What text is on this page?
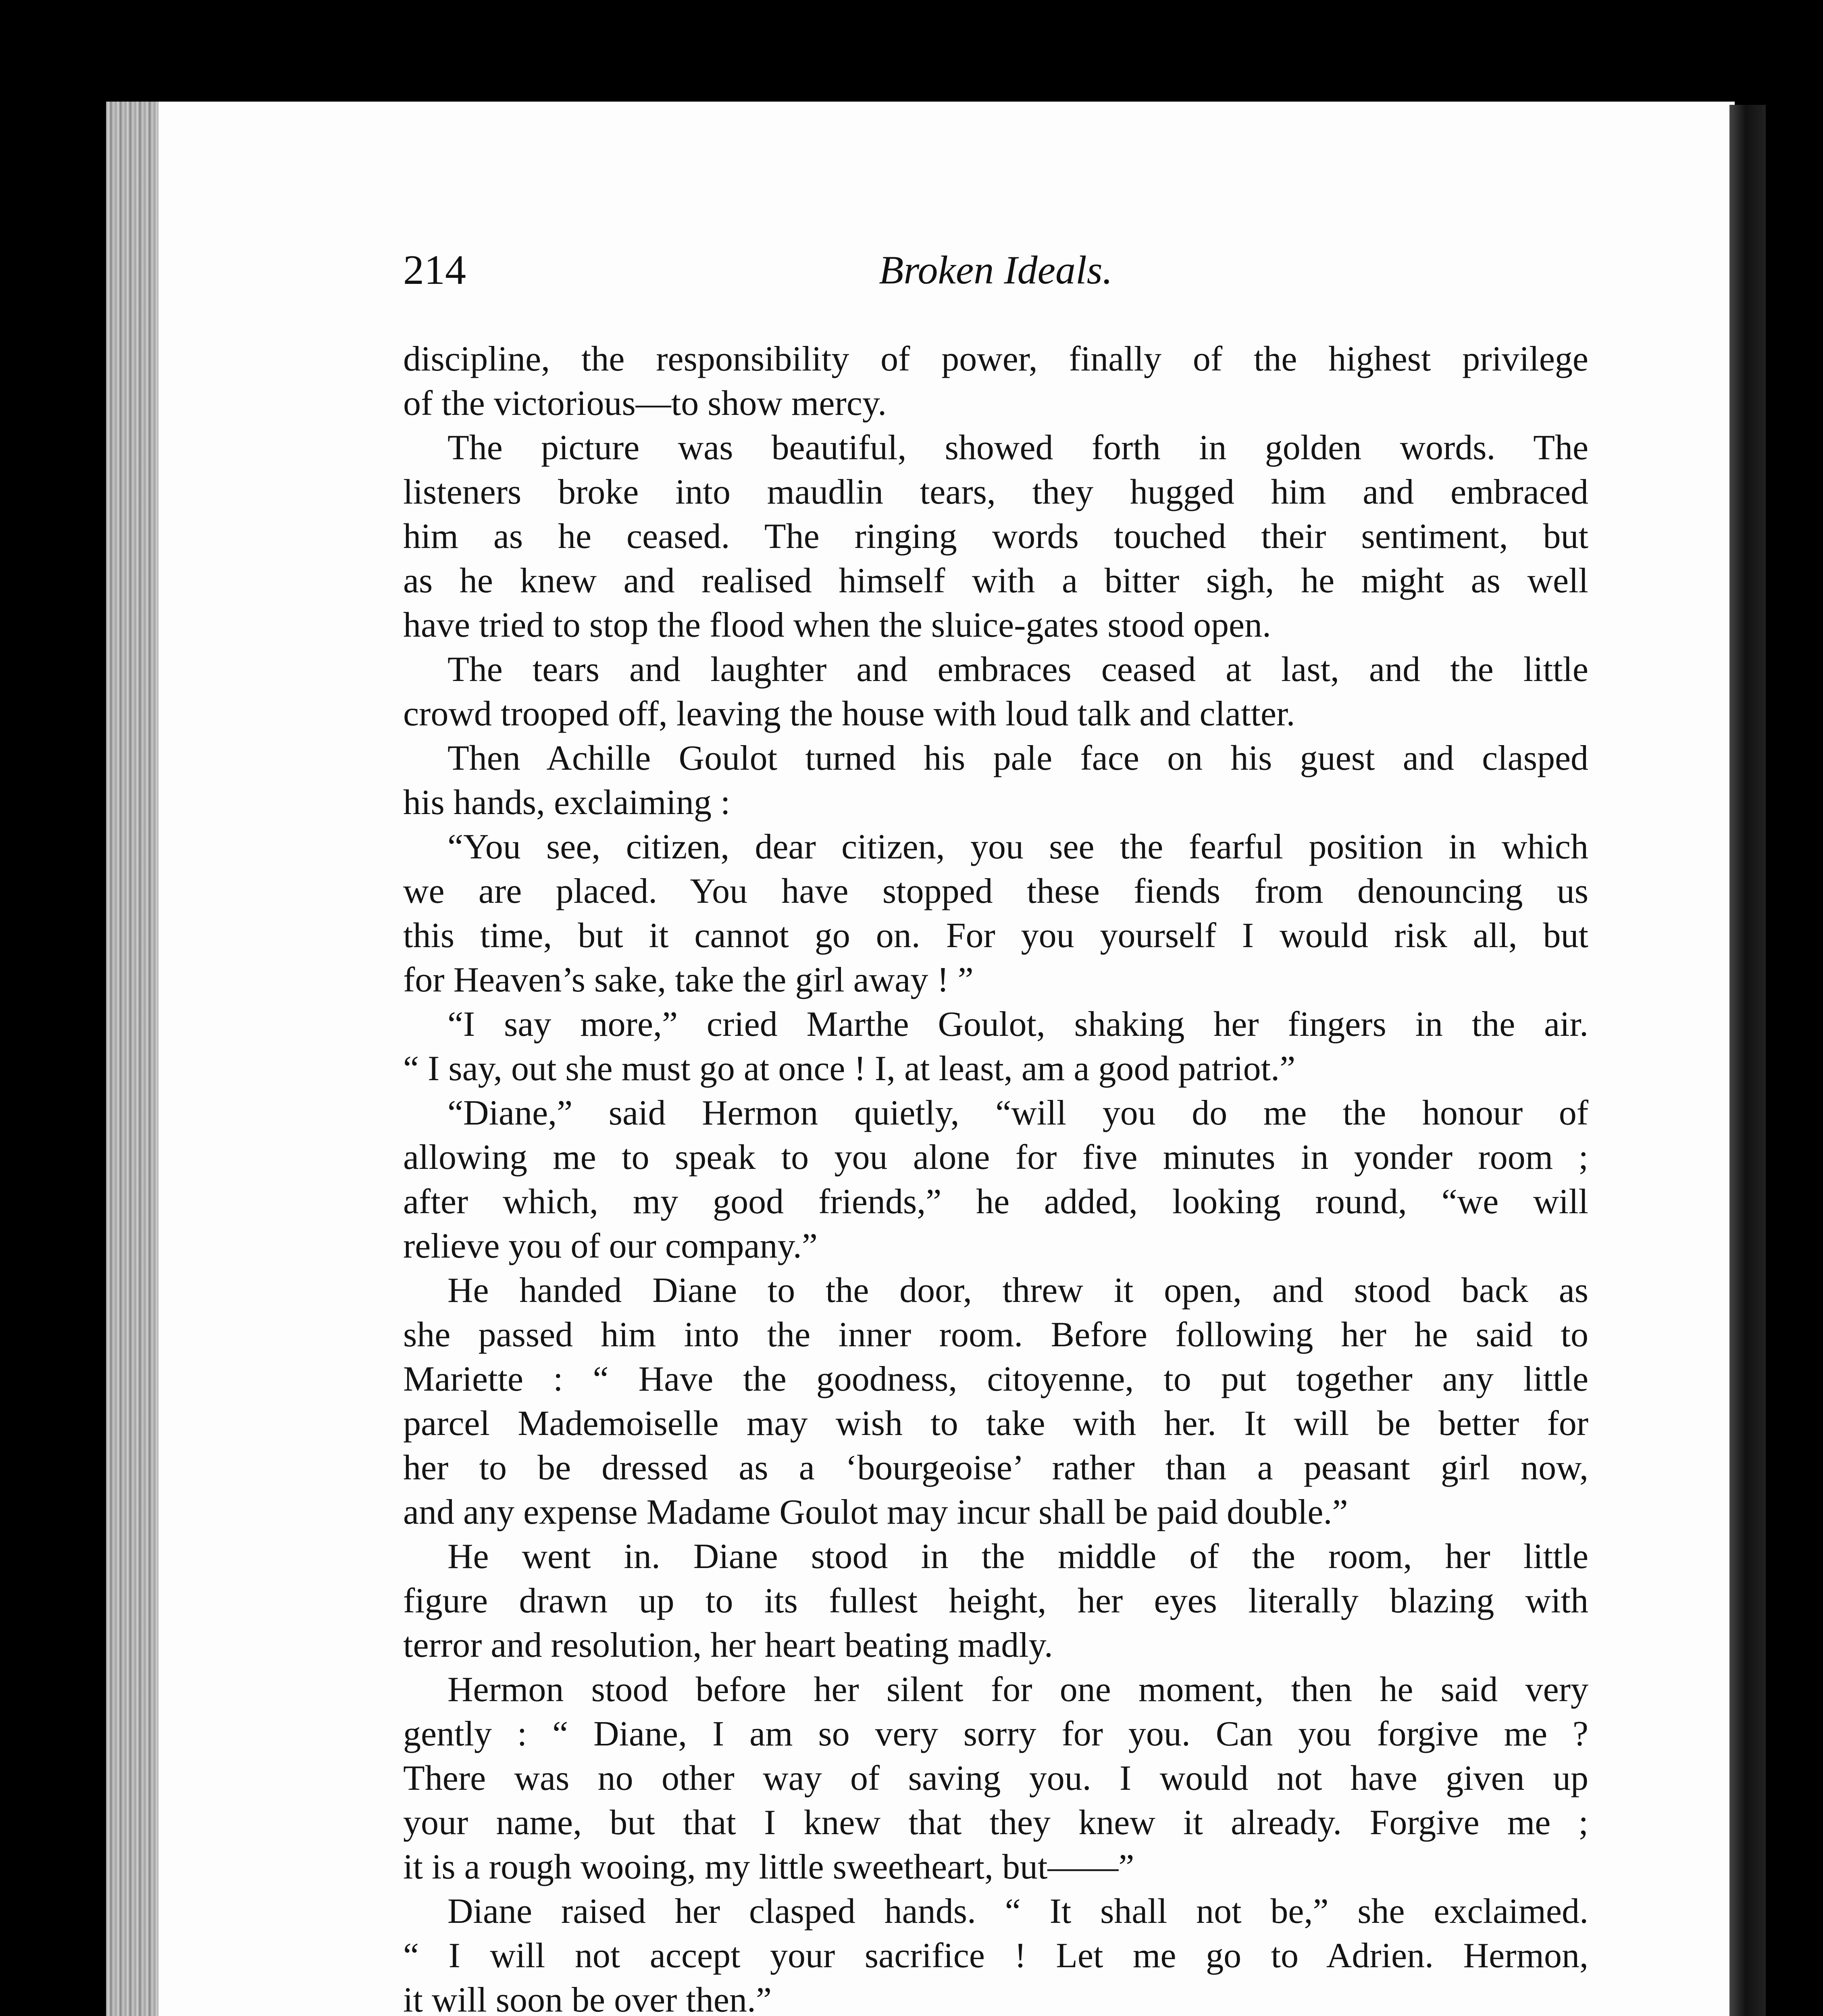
214	Broken Ideals.
discipline, the responsibility of power, finally of the highest privilege
of the victorious—to show mercy.
The picture was beautiful, showed forth in golden words. The
listeners broke into maudlin tears, they hugged him and embraced
him as he ceased. The ringing words touched their sentiment, but
as he knew and realised himself with a bitter sigh, he might as well
have tried to stop the flood when the sluice-gates stood open.
The tears and laughter and embraces ceased at last, and the little
crowd trooped off, leaving the house with loud talk and clatter.
Then Achille Goulot turned his pale face on his guest and clasped
his hands, exclaiming :
“You see, citizen, dear citizen, you see the fearful position in which
we are placed. You have stopped these fiends from denouncing us
this time, but it cannot go on. For you yourself I would risk all, but
for Heaven’s sake, take the girl away ! ”
“I say more,” cried Marthe Goulot, shaking her fingers in the air.
“ I say, out she must go at once ! I, at least, am a good patriot.”
“Diane,” said Hermon quietly, “will you do me the honour of
allowing me to speak to you alone for five minutes in yonder room ;
after which, my good friends,” he added, looking round, “we will
relieve you of our company.”
He handed Diane to the door, threw it open, and stood back as
she passed him into the inner room. Before following her he said to
Mariette : “ Have the goodness, citoyenne, to put together any little
parcel Mademoiselle may wish to take with her. It will be better for
her to be dressed as a ‘bourgeoise’ rather than a peasant girl now,
and any expense Madame Goulot may incur shall be paid double.”
He went in. Diane stood in the middle of the room, her little
figure drawn up to its fullest height, her eyes literally blazing with
terror and resolution, her heart beating madly.
Hermon stood before her silent for one moment, then he said very
gently : “ Diane, I am so very sorry for you. Can you forgive me ?
There was no other way of saving you. I would not have given up
your name, but that I knew that they knew it already. Forgive me ;
it is a rough wooing, my little sweetheart, but——”
Diane raised her clasped hands. “ It shall not be,” she exclaimed.
“ I will not accept your sacrifice ! Let me go to Adrien. Hermon,
it will soon be over then.”
